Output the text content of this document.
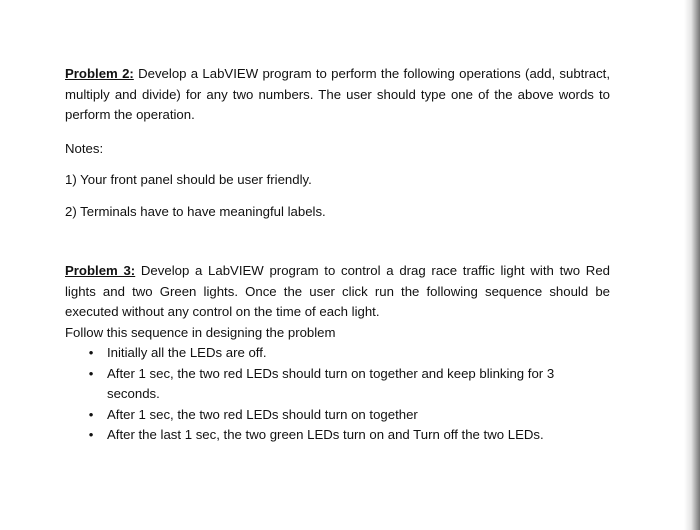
Problem 2: Develop a LabVIEW program to perform the following operations (add, subtract, multiply and divide) for any two numbers. The user should type one of the above words to perform the operation.

Notes:

1) Your front panel should be user friendly.

2) Terminals have to have meaningful labels.

Problem 3: Develop a LabVIEW program to control a drag race traffic light with two Red lights and two Green lights. Once the user click run the following sequence should be executed without any control on the time of each light.

Follow this sequence in designing the problem

• Initially all the LEDs are off.
• After 1 sec, the two red LEDs should turn on together and keep blinking for 3 seconds.
• After 1 sec, the two red LEDs should turn on together
• After the last 1 sec, the two green LEDs turn on and Turn off the two LEDs.
